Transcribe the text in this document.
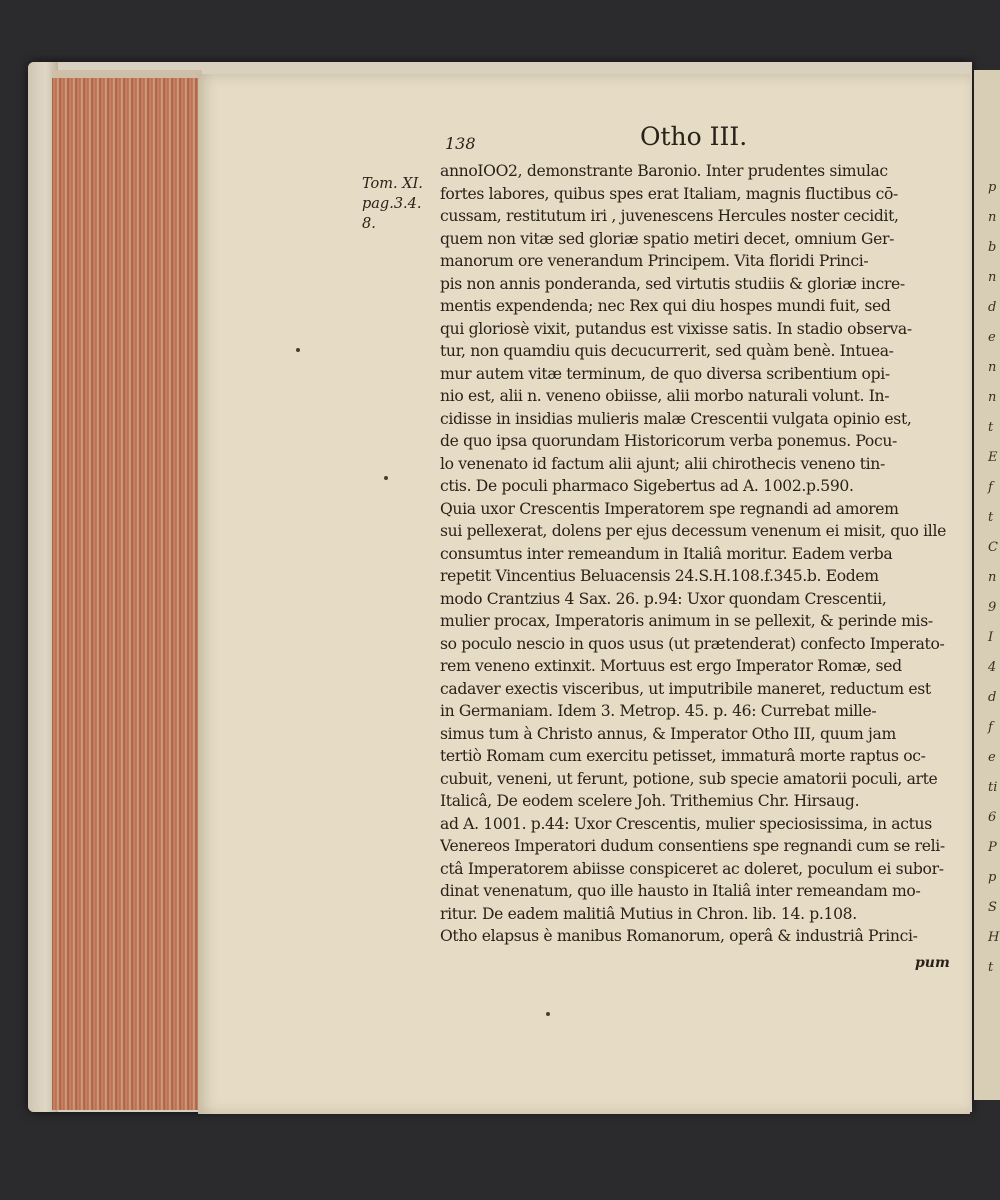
p
n
b
n
d
e
n
n
t
E
f
t
C
n
9
I
4
d
f
e
ti
6
P
p
S
H
t
138	Otho III.
Tom. XI.
pag.3.4.
8.
annoIOO2, demonstrante Baronio. Inter prudentes simulac
fortes labores, quibus spes erat Italiam, magnis fluctibus cō-
cussam, restitutum iri , juvenescens Hercules noster cecidit,
quem non vitæ sed gloriæ spatio metiri decet, omnium Ger-
manorum ore venerandum Principem. Vita floridi Princi-
pis non annis ponderanda, sed virtutis studiis & gloriæ incre-
mentis expendenda; nec Rex qui diu hospes mundi fuit, sed
qui gloriosè vixit, putandus est vixisse satis. In stadio observa-
tur, non quamdiu quis decucurrerit, sed quàm benè. Intuea-
mur autem vitæ terminum, de quo diversa scribentium opi-
nio est, alii n. veneno obiisse, alii morbo naturali volunt. In-
cidisse in insidias mulieris malæ Crescentii vulgata opinio est,
de quo ipsa quorundam Historicorum verba ponemus. Pocu-
lo venenato id factum alii ajunt; alii chirothecis veneno tin-
ctis. De poculi pharmaco Sigebertus ad A. 1002.p.590.
Quia uxor Crescentis Imperatorem spe regnandi ad amorem
sui pellexerat, dolens per ejus decessum venenum ei misit, quo ille
consumtus inter remeandum in Italiâ moritur. Eadem verba
repetit Vincentius Beluacensis 24.S.H.108.f.345.b. Eodem
modo Crantzius 4 Sax. 26. p.94: Uxor quondam Crescentii,
mulier procax, Imperatoris animum in se pellexit, & perinde mis-
so poculo nescio in quos usus (ut prætenderat) confecto Imperato-
rem veneno extinxit. Mortuus est ergo Imperator Romæ, sed
cadaver exectis visceribus, ut imputribile maneret, reductum est
in Germaniam. Idem 3. Metrop. 45. p. 46: Currebat mille-
simus tum à Christo annus, & Imperator Otho III, quum jam
tertiò Romam cum exercitu petisset, immaturâ morte raptus oc-
cubuit, veneni, ut ferunt, potione, sub specie amatorii poculi, arte
Italicâ, De eodem scelere Joh. Trithemius Chr. Hirsaug.
ad A. 1001. p.44: Uxor Crescentis, mulier speciosissima, in actus
Venereos Imperatori dudum consentiens spe regnandi cum se reli-
ctâ Imperatorem abiisse conspiceret ac doleret, poculum ei subor-
dinat venenatum, quo ille hausto in Italiâ inter remeandam mo-
ritur. De eadem malitiâ Mutius in Chron. lib. 14. p.108.
Otho elapsus è manibus Romanorum, operâ & industriâ Princi-
pum
